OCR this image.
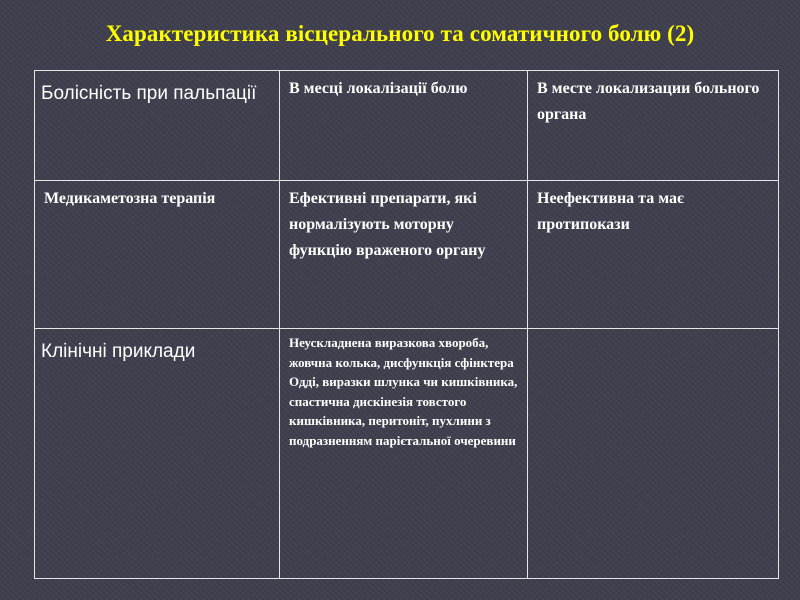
Характеристика вісцерального та соматичного болю (2)
Болісність при пальпації	В месці локалізації болю	В месте локализации больного органа

Медикаметозна терапія	Ефективні препарати, які нормалізують моторну функцію враженого органу	Неефективна та має протипокази

Клінічні приклади	Неускладнена виразкова хвороба, жовчна колька, дисфункція сфінктера Одді, виразки шлунка чи кишківника, спастична дискінезія товстого кишківника, перитоніт, пухлини з подразненням парієтальної очеревини	
